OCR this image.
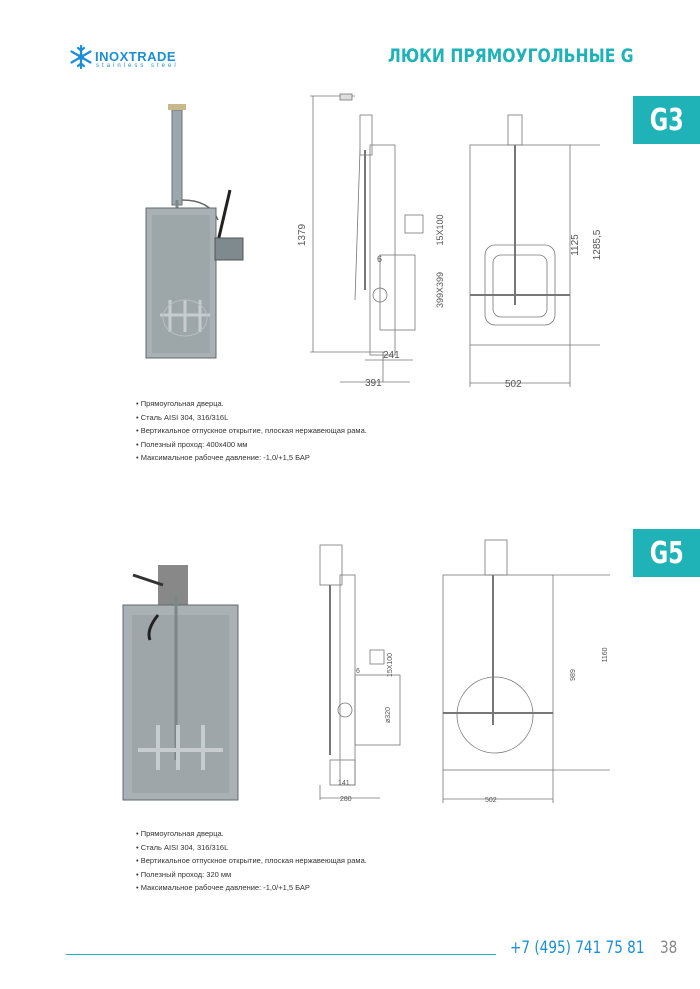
INOXTRADE
stainless steel	ЛЮКИ ПРЯМОУГОЛЬНЫЕ G
G3
G5
1379	15X100
399X399
6
241
391
1125 1285,5
502
• Прямоугольная дверца.
• Сталь AISI 304, 316/316L
• Вертикальное отпускное открытие, плоская нержавеющая рама.
• Полезный проход: 400х400 мм
• Максимальное рабочее давление: -1,0/+1,5 БАР
15X100
ø320
141
280
6	989
1160
502
• Прямоугольная дверца.
• Сталь AISI 304, 316/316L
• Вертикальное отпускное открытие, плоская нержавеющая рама.
• Полезный проход: 320 мм
• Максимальное рабочее давление: -1,0/+1,5 БАР
+7 (495) 741 75 81 38
